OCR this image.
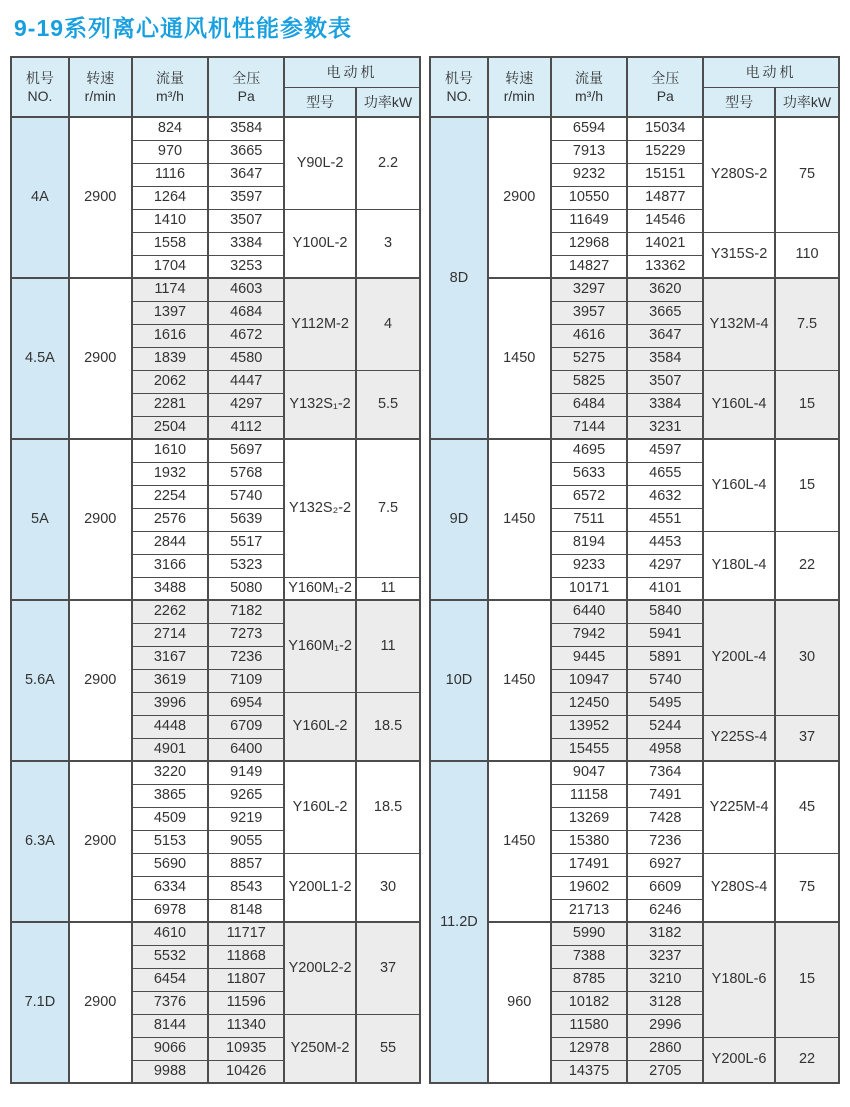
9-19系列离心通风机性能参数表
机号
NO.	转速
r/min	流量
m³/h	全压
Pa	电动机	
				型号	功率kW
4A	2900	824	3584	Y90L-2	2.2
		970	3665		
		1116	3647		
		1264	3597		
		1410	3507	Y100L-2	3
		1558	3384		
		1704	3253		
4.5A	2900	1174	4603	Y112M-2	4
		1397	4684		
		1616	4672		
		1839	4580		
		2062	4447	Y132S₁-2	5.5
		2281	4297		
		2504	4112		
5A	2900	1610	5697	Y132S₂-2	7.5
		1932	5768		
		2254	5740		
		2576	5639		
		2844	5517		
		3166	5323		
		3488	5080	Y160M₁-2	11
5.6A	2900	2262	7182	Y160M₁-2	11
		2714	7273		
		3167	7236		
		3619	7109		
		3996	6954	Y160L-2	18.5
		4448	6709		
		4901	6400		
6.3A	2900	3220	9149	Y160L-2	18.5
		3865	9265		
		4509	9219		
		5153	9055		
		5690	8857	Y200L1-2	30
		6334	8543		
		6978	8148		
7.1D	2900	4610	11717	Y200L2-2	37
		5532	11868		
		6454	11807		
		7376	11596		
		8144	11340	Y250M-2	55
		9066	10935		
		9988	10426		
机号
NO.	转速
r/min	流量
m³/h	全压
Pa	电动机	
				型号	功率kW
8D	2900	6594	15034	Y280S-2	75
		7913	15229		
		9232	15151		
		10550	14877		
		11649	14546		
		12968	14021	Y315S-2	110
		14827	13362		
	1450	3297	3620	Y132M-4	7.5
		3957	3665		
		4616	3647		
		5275	3584		
		5825	3507	Y160L-4	15
		6484	3384		
		7144	3231		
9D	1450	4695	4597	Y160L-4	15
		5633	4655		
		6572	4632		
		7511	4551		
		8194	4453	Y180L-4	22
		9233	4297		
		10171	4101		
10D	1450	6440	5840	Y200L-4	30
		7942	5941		
		9445	5891		
		10947	5740		
		12450	5495		
		13952	5244	Y225S-4	37
		15455	4958		
11.2D	1450	9047	7364	Y225M-4	45
		11158	7491		
		13269	7428		
		15380	7236		
		17491	6927	Y280S-4	75
		19602	6609		
		21713	6246		
	960	5990	3182	Y180L-6	15
		7388	3237		
		8785	3210		
		10182	3128		
		11580	2996		
		12978	2860	Y200L-6	22
		14375	2705		
